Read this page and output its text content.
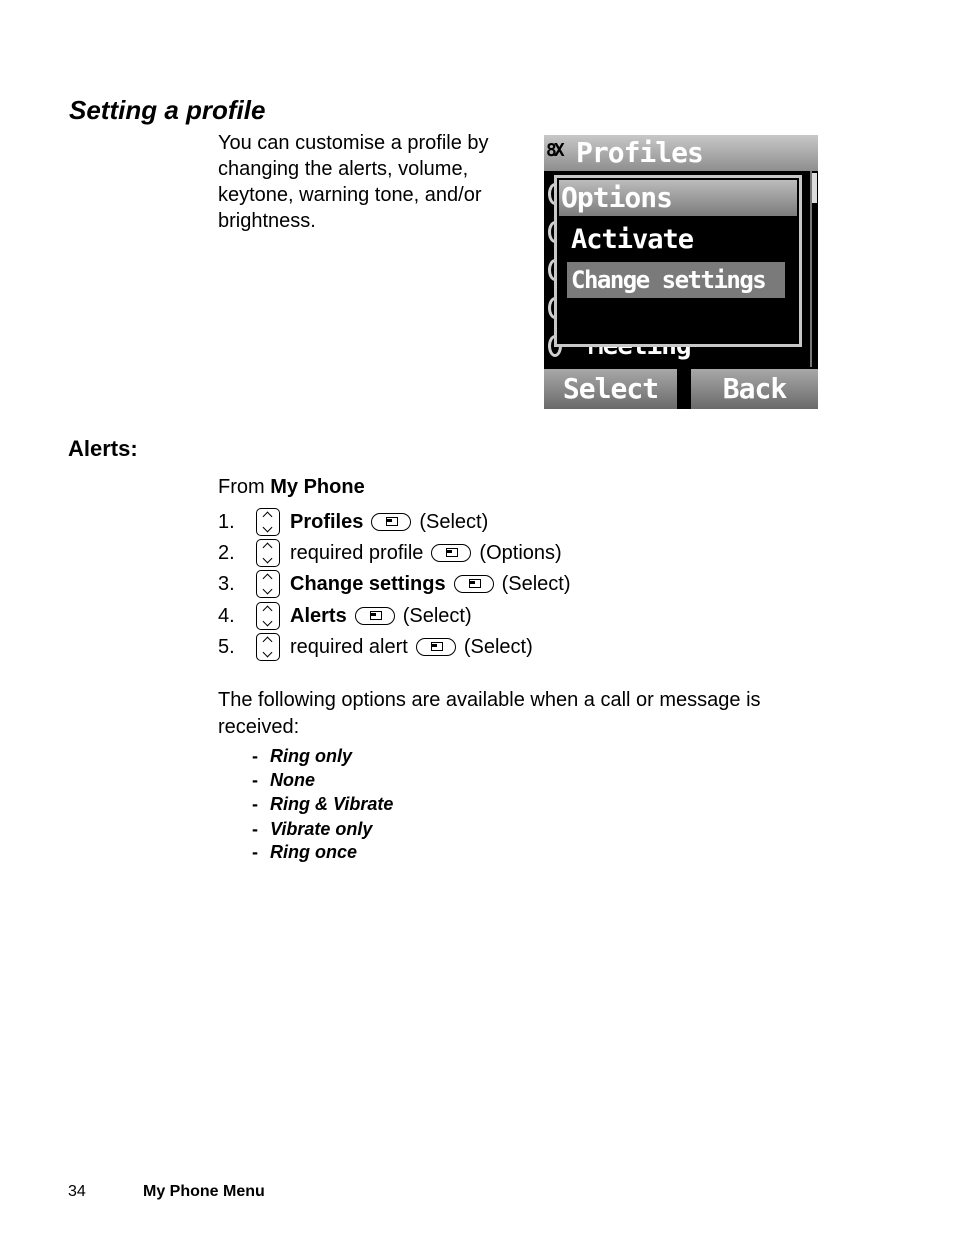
Setting a profile
You can customise a profile by changing the alerts, volume, keytone, warning tone, and/or brightness.
8X Profiles
Options
Activate
Change settings
Select	Back
Alerts:
From My Phone
1.	Profiles	(Select)
2.	required profile	(Options)
3.	Change settings	(Select)
4.	Alerts	(Select)
5.	required alert	(Select)
The following options are available when a call or message is received:
- Ring only
- None
- Ring & Vibrate
- Vibrate only
- Ring once
34	My Phone Menu
